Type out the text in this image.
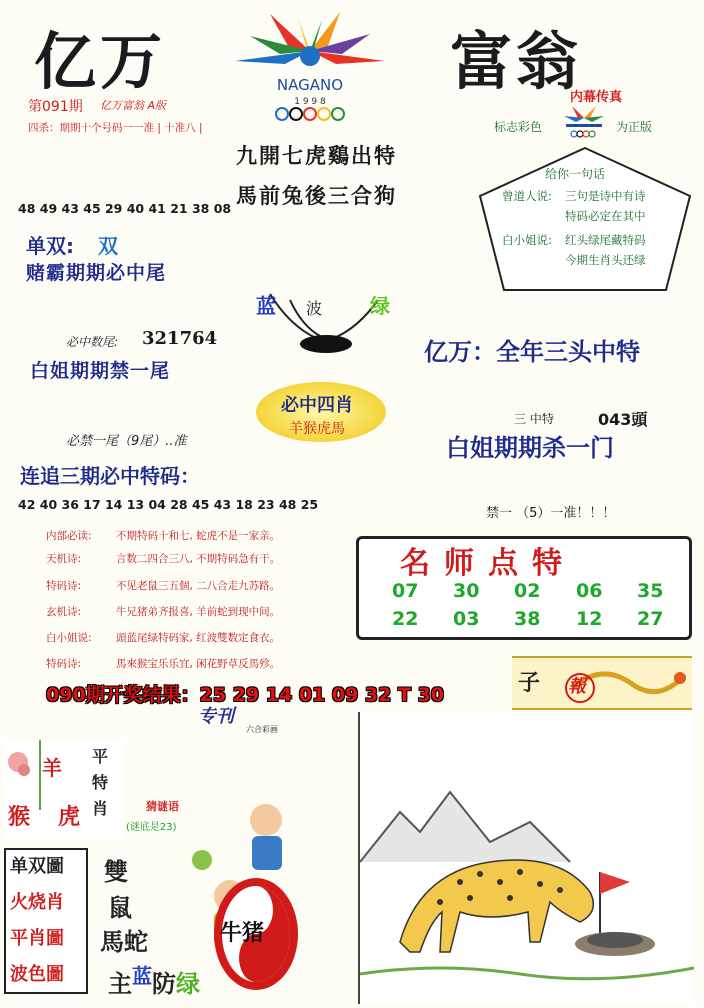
亿万	富翁
NAGANO
1 9 9 8
第091期 亿万富翁 A版
四杀：期期十个号码一一准 | 十准八 |
九開七虎鷄出特
馬前兔後三合狗
内幕传真
标志彩色	为正版
给你一句话
曾道人说: 三句是诗中有诗
特码必定在其中
白小姐说: 红头绿尾藏特码
今期生肖头还绿
48 49 43 45 29 40 41 21 38 08
单双: 双
赌霸期期必中尾
蓝 波 绿
必中数尾: 321764
白姐期期禁一尾
亿万：全年三头中特
必中四肖
羊猴虎馬
三 中特	043頭
白姐期期杀一门
必禁一尾（9尾）..准
连追三期必中特码：
42 40 36 17 14 13 04 28 45 43 18 23 48 25
禁一 （5）一准！！！
内部必读: 不期特码十和七, 蛇虎不是一家亲。
天机诗:	言数二四合三八, 不期特码急有干。
特码诗:	不见老鼠三五個, 二八合走九苏路。
玄机诗:	牛兄猪弟齐报喜, 羊前蛇到现中间。
白小姐说: 頭蓝尾绿特码家, 红波雙数定食衣。
特码诗:	馬來猴宝乐乐宜, 闲花野草反馬殄。
名师点特
07 30 02 06 35
22 03 38 12 27
090期开奖结果：25 29 14 01 09 32 T 30	子 報
专刊
六合彩画
羊
猴 虎
平特肖	猜谜语
(谜底是23)
单双圖
火烧肖
平肖圖
波色圖
雙
鼠
馬蛇	牛猪
主 蓝 防 绿
